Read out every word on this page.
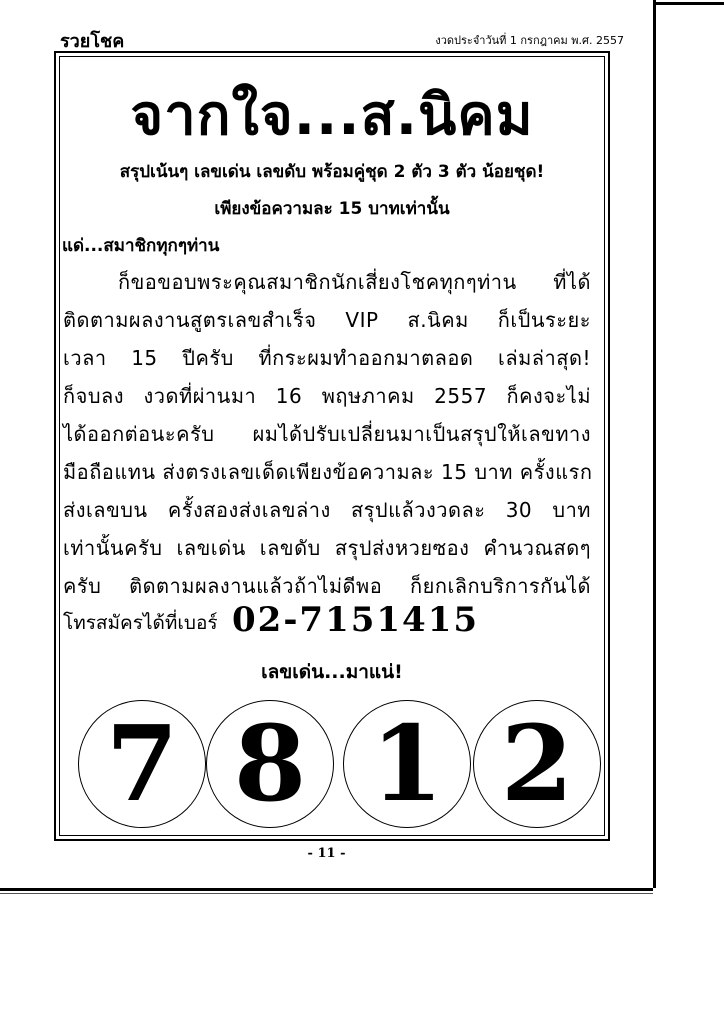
รวยโชค	งวดประจำวันที่ 1 กรกฎาคม พ.ศ. 2557
จากใจ...ส.นิคม
สรุปเน้นๆ เลขเด่น เลขดับ พร้อมคู่ชุด 2 ตัว 3 ตัว น้อยชุด!
เพียงข้อความละ 15 บาทเท่านั้น
แด่...สมาชิกทุกๆท่าน
ก็ขอขอบพระคุณสมาชิกนักเสี่ยงโชคทุกๆท่าน ที่ได้
ติดตามผลงานสูตรเลขสำเร็จ VIP ส.นิคม ก็เป็นระยะ
เวลา 15 ปีครับ ที่กระผมทำออกมาตลอด เล่มล่าสุด!
ก็จบลง งวดที่ผ่านมา 16 พฤษภาคม 2557 ก็คงจะไม่
ได้ออกต่อนะครับ ผมได้ปรับเปลี่ยนมาเป็นสรุปให้เลขทาง
มือถือแทน ส่งตรงเลขเด็ดเพียงข้อความละ 15 บาท ครั้งแรก
ส่งเลขบน ครั้งสองส่งเลขล่าง สรุปแล้วงวดละ 30 บาท
เท่านั้นครับ เลขเด่น เลขดับ สรุปส่งหวยซอง คำนวณสดๆ
ครับ ติดตามผลงานแล้วถ้าไม่ดีพอ ก็ยกเลิกบริการกันได้
โทรสมัครได้ที่เบอร์ 02-7151415
เลขเด่น...มาแน่!
7 8 1 2
- 11 -
